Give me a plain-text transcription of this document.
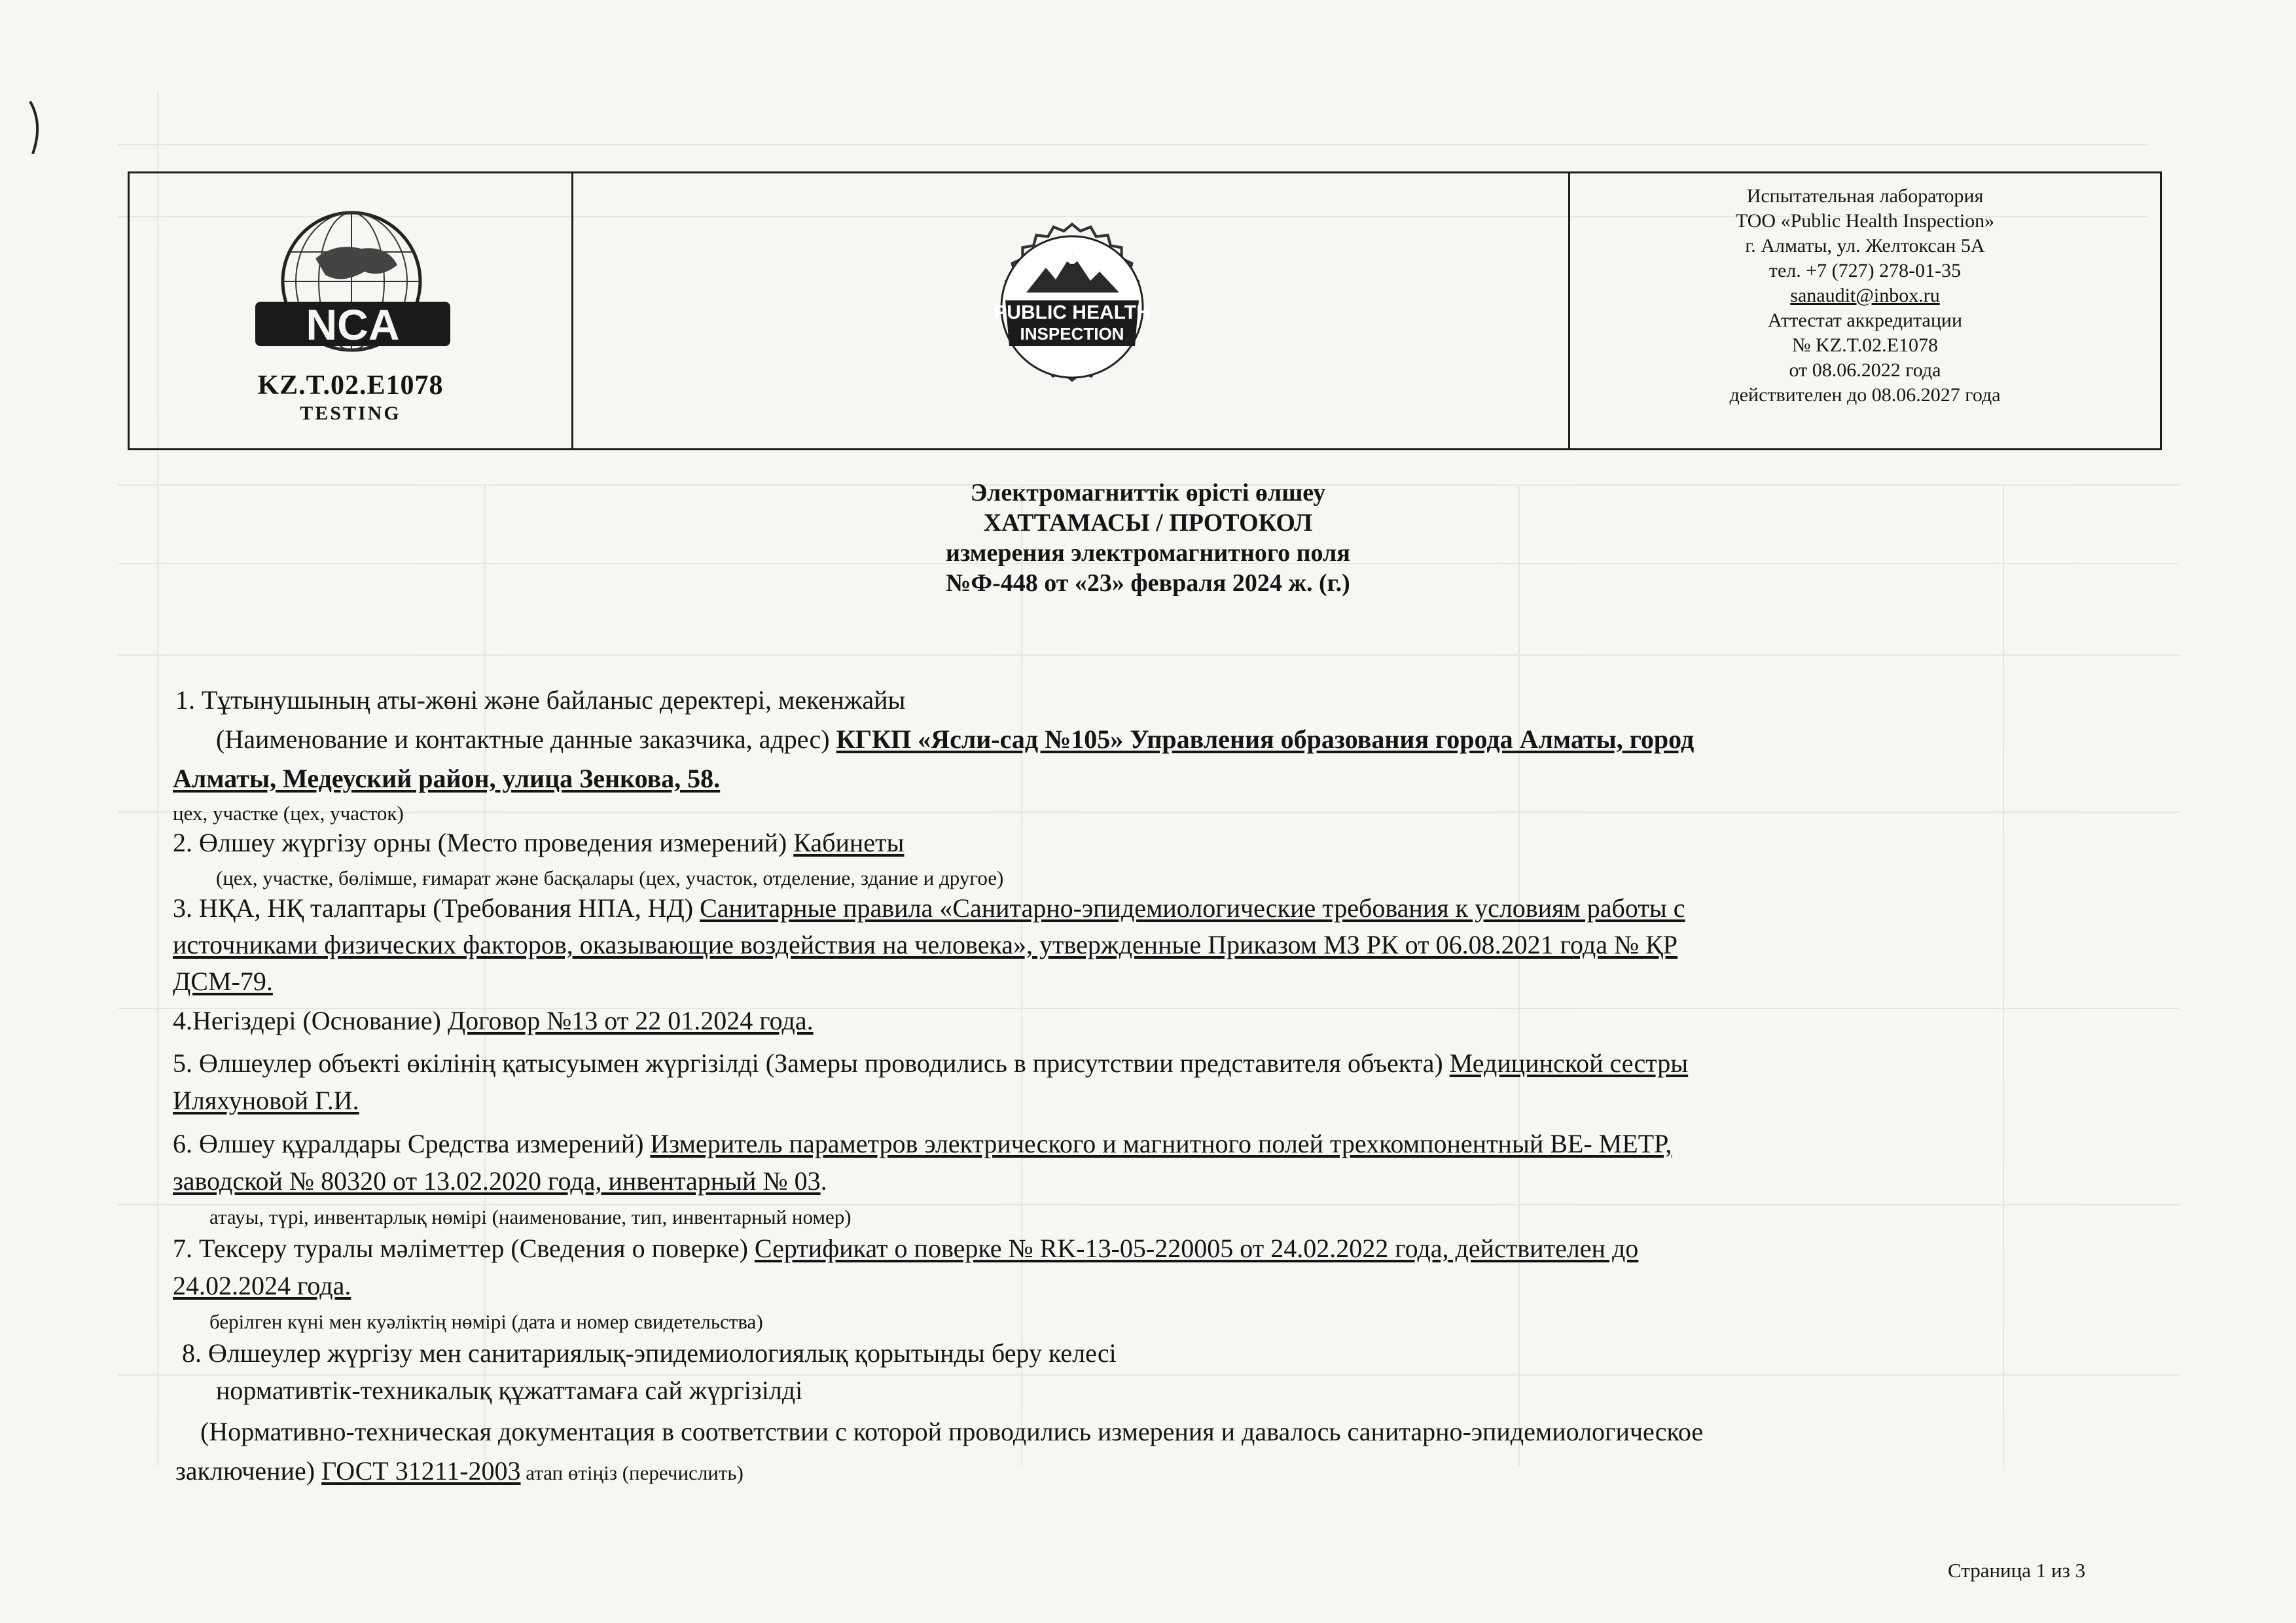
NCA
KZ.T.02.E1078
TESTING
PUBLIC HEALTH
INSPECTION
Испытательная лаборатория
ТОО «Public Health Inspection»
г. Алматы, ул. Желтоксан 5А
тел. +7 (727) 278-01-35
sanaudit@inbox.ru
Аттестат аккредитации
№ KZ.T.02.E1078
от 08.06.2022 года
действителен до 08.06.2027 года
Электромагниттік өрісті өлшеу
ХАТТАМАСЫ / ПРОТОКОЛ
измерения электромагнитного поля
№Ф-448 от «23» февраля 2024 ж. (г.)
1. Тұтынушының аты-жөні және байланыс деректері, мекенжайы
(Наименование и контактные данные заказчика, адрес) КГКП «Ясли-сад №105» Управления образования города Алматы, город
Алматы, Медеуский район, улица Зенкова, 58.
цех, участке (цех, участок)
2. Өлшеу жүргізу орны (Место проведения измерений) Кабинеты
(цех, участке, бөлімше, ғимарат және басқалары (цех, участок, отделение, здание и другое)
3. НҚА, НҚ талаптары (Требования НПА, НД) Санитарные правила «Санитарно-эпидемиологические требования к условиям работы с
источниками физических факторов, оказывающие воздействия на человека», утвержденные Приказом МЗ РК от 06.08.2021 года № ҚР
ДСМ-79.
4.Негіздері (Основание) Договор №13 от 22 01.2024 года.
5. Өлшеулер объекті өкілінің қатысуымен жүргізілді (Замеры проводились в присутствии представителя объекта) Медицинской сестры
Иляхуновой Г.И.
6. Өлшеу құралдары Средства измерений) Измеритель параметров электрического и магнитного полей трехкомпонентный ВЕ- МЕТР,
заводской № 80320 от 13.02.2020 года, инвентарный № 03.
атауы, түрі, инвентарлық нөмірі (наименование, тип, инвентарный номер)
7. Тексеру туралы мәліметтер (Сведения о поверке) Сертификат о поверке № RK-13-05-220005 от 24.02.2022 года, действителен до
24.02.2024 года.
берілген күні мен куәліктің нөмірі (дата и номер свидетельства)
8. Өлшеулер жүргізу мен санитариялық-эпидемиологиялық қорытынды беру келесі
нормативтік-техникалық құжаттамаға сай жүргізілді
(Нормативно-техническая документация в соответствии с которой проводились измерения и давалось санитарно-эпидемиологическое
заключение) ГОСТ 31211-2003 атап өтіңіз (перечислить)
Страница 1 из 3
